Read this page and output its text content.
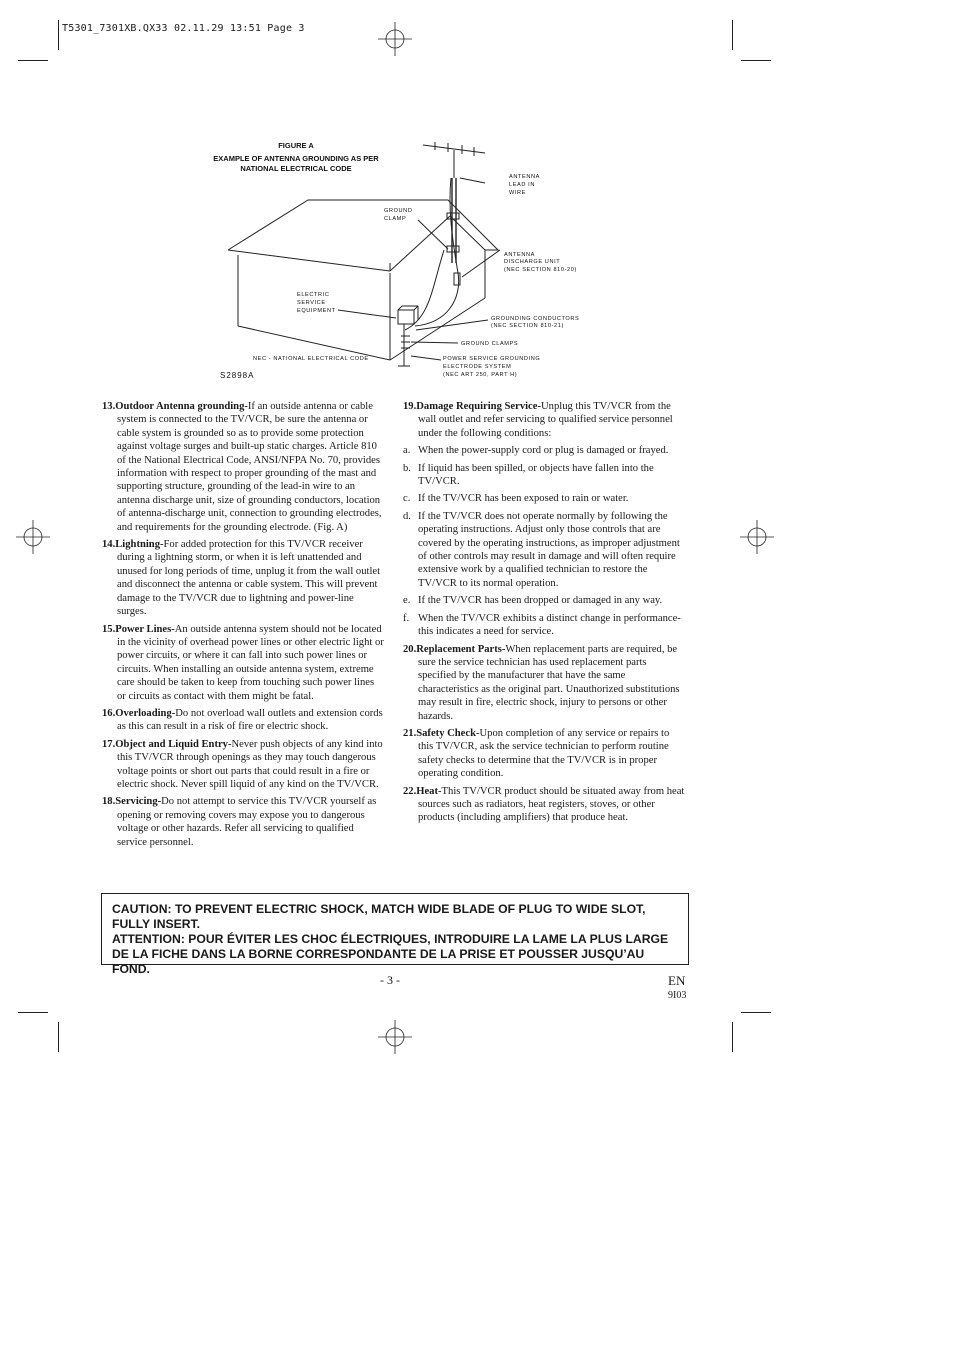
T5301_7301XB.QX33 02.11.29 13:51 Page 3
FIGURE A
EXAMPLE OF ANTENNA GROUNDING AS PER
NATIONAL ELECTRICAL CODE
ANTENNA
LEAD IN
WIRE
GROUND
CLAMP
ANTENNA
DISCHARGE UNIT
(NEC SECTION 810-20)
ELECTRIC
SERVICE
EQUIPMENT
GROUNDING CONDUCTORS
(NEC SECTION 810-21)
GROUND CLAMPS
NEC - NATIONAL ELECTRICAL CODE	POWER SERVICE GROUNDING
ELECTRODE SYSTEM
(NEC ART 250, PART H)
S2898A

13.Outdoor Antenna grounding-If an outside antenna or cable system is connected to the TV/VCR, be sure the antenna or cable system is grounded so as to provide some protection against voltage surges and built-up static charges. Article 810 of the National Electrical Code, ANSI/NFPA No. 70, provides information with respect to proper grounding of the mast and supporting structure, grounding of the lead-in wire to an antenna discharge unit, size of grounding conductors, location of antenna-discharge unit, connection to grounding electrodes, and requirements for the grounding electrode. (Fig. A)

14.Lightning-For added protection for this TV/VCR receiver during a lightning storm, or when it is left unattended and unused for long periods of time, unplug it from the wall outlet and disconnect the antenna or cable system. This will prevent damage to the TV/VCR due to lightning and power-line surges.

15.Power Lines-An outside antenna system should not be located in the vicinity of overhead power lines or other electric light or power circuits, or where it can fall into such power lines or circuits. When installing an outside antenna system, extreme care should be taken to keep from touching such power lines or circuits as contact with them might be fatal.

16.Overloading-Do not overload wall outlets and extension cords as this can result in a risk of fire or electric shock.

17.Object and Liquid Entry-Never push objects of any kind into this TV/VCR through openings as they may touch dangerous voltage points or short out parts that could result in a fire or electric shock. Never spill liquid of any kind on the TV/VCR.

18.Servicing-Do not attempt to service this TV/VCR yourself as opening or removing covers may expose you to dangerous voltage or other hazards. Refer all servicing to qualified service personnel.

19.Damage Requiring Service-Unplug this TV/VCR from the wall outlet and refer servicing to qualified service personnel under the following conditions:

a. When the power-supply cord or plug is damaged or frayed.

b. If liquid has been spilled, or objects have fallen into the TV/VCR.

c. If the TV/VCR has been exposed to rain or water.

d. If the TV/VCR does not operate normally by following the operating instructions. Adjust only those controls that are covered by the operating instructions, as improper adjustment of other controls may result in damage and will often require extensive work by a qualified technician to restore the TV/VCR to its normal operation.

e. If the TV/VCR has been dropped or damaged in any way.

f. When the TV/VCR exhibits a distinct change in performance-this indicates a need for service.

20.Replacement Parts-When replacement parts are required, be sure the service technician has used replacement parts specified by the manufacturer that have the same characteristics as the original part. Unauthorized substitutions may result in fire, electric shock, injury to persons or other hazards.

21.Safety Check-Upon completion of any service or repairs to this TV/VCR, ask the service technician to perform routine safety checks to determine that the TV/VCR is in proper operating condition.

22.Heat-This TV/VCR product should be situated away from heat sources such as radiators, heat registers, stoves, or other products (including amplifiers) that produce heat.

CAUTION: TO PREVENT ELECTRIC SHOCK, MATCH WIDE BLADE OF PLUG TO WIDE SLOT, FULLY INSERT.
ATTENTION: POUR ÉVITER LES CHOC ÉLECTRIQUES, INTRODUIRE LA LAME LA PLUS LARGE DE LA FICHE DANS LA BORNE CORRESPONDANTE DE LA PRISE ET POUSSER JUSQU’AU FOND.
- 3 -	EN
9I03
